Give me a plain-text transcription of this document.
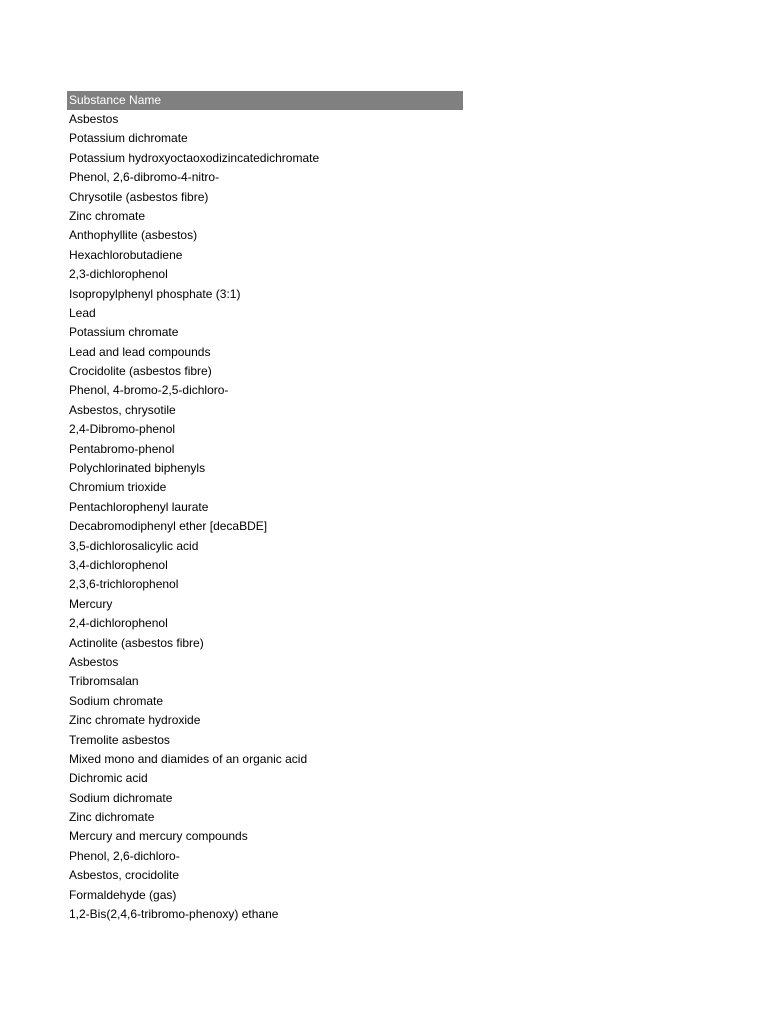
Substance Name
Asbestos
Potassium dichromate
Potassium hydroxyoctaoxodizincatedichromate
Phenol, 2,6-dibromo-4-nitro-
Chrysotile (asbestos fibre)
Zinc chromate
Anthophyllite (asbestos)
Hexachlorobutadiene
2,3-dichlorophenol
Isopropylphenyl phosphate (3:1)
Lead
Potassium chromate
Lead and lead compounds
Crocidolite (asbestos fibre)
Phenol, 4-bromo-2,5-dichloro-
Asbestos, chrysotile
2,4-Dibromo-phenol
Pentabromo-phenol
Polychlorinated biphenyls
Chromium trioxide
Pentachlorophenyl laurate
Decabromodiphenyl ether [decaBDE]
3,5-dichlorosalicylic acid
3,4-dichlorophenol
2,3,6-trichlorophenol
Mercury
2,4-dichlorophenol
Actinolite (asbestos fibre)
Asbestos
Tribromsalan
Sodium chromate
Zinc chromate hydroxide
Tremolite asbestos
Mixed mono and diamides of an organic acid
Dichromic acid
Sodium dichromate
Zinc dichromate
Mercury and mercury compounds
Phenol, 2,6-dichloro-
Asbestos, crocidolite
Formaldehyde (gas)
1,2-Bis(2,4,6-tribromo-phenoxy) ethane
